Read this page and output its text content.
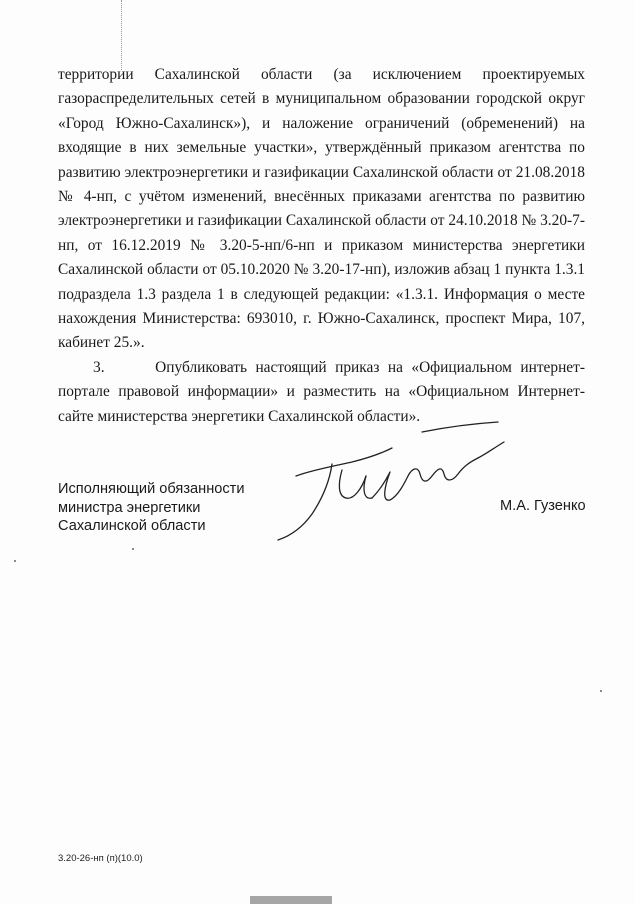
территории Сахалинской области (за исключением проектируемых газораспределительных сетей в муниципальном образовании городской округ «Город Южно-Сахалинск»), и наложение ограничений (обременений) на входящие в них земельные участки», утверждённый приказом агентства по развитию электроэнергетики и газификации Сахалинской области от 21.08.2018 № 4-нп, с учётом изменений, внесённых приказами агентства по развитию электроэнергетики и газификации Сахалинской области от 24.10.2018 № 3.20-7-нп, от 16.12.2019 № 3.20-5-нп/6-нп и приказом министерства энергетики Сахалинской области от 05.10.2020 № 3.20-17-нп), изложив абзац 1 пункта 1.3.1 подраздела 1.3 раздела 1 в следующей редакции: «1.3.1. Информация о месте нахождения Министерства: 693010, г. Южно-Сахалинск, проспект Мира, 107, кабинет 25.».

3.      Опубликовать настоящий приказ на «Официальном интернет-портале правовой информации» и разместить на «Официальном Интернет-сайте министерства энергетики Сахалинской области».

Исполняющий обязанности
министра энергетики
Сахалинской области
М.А. Гузенко
3.20-26-нп (п)(10.0)
